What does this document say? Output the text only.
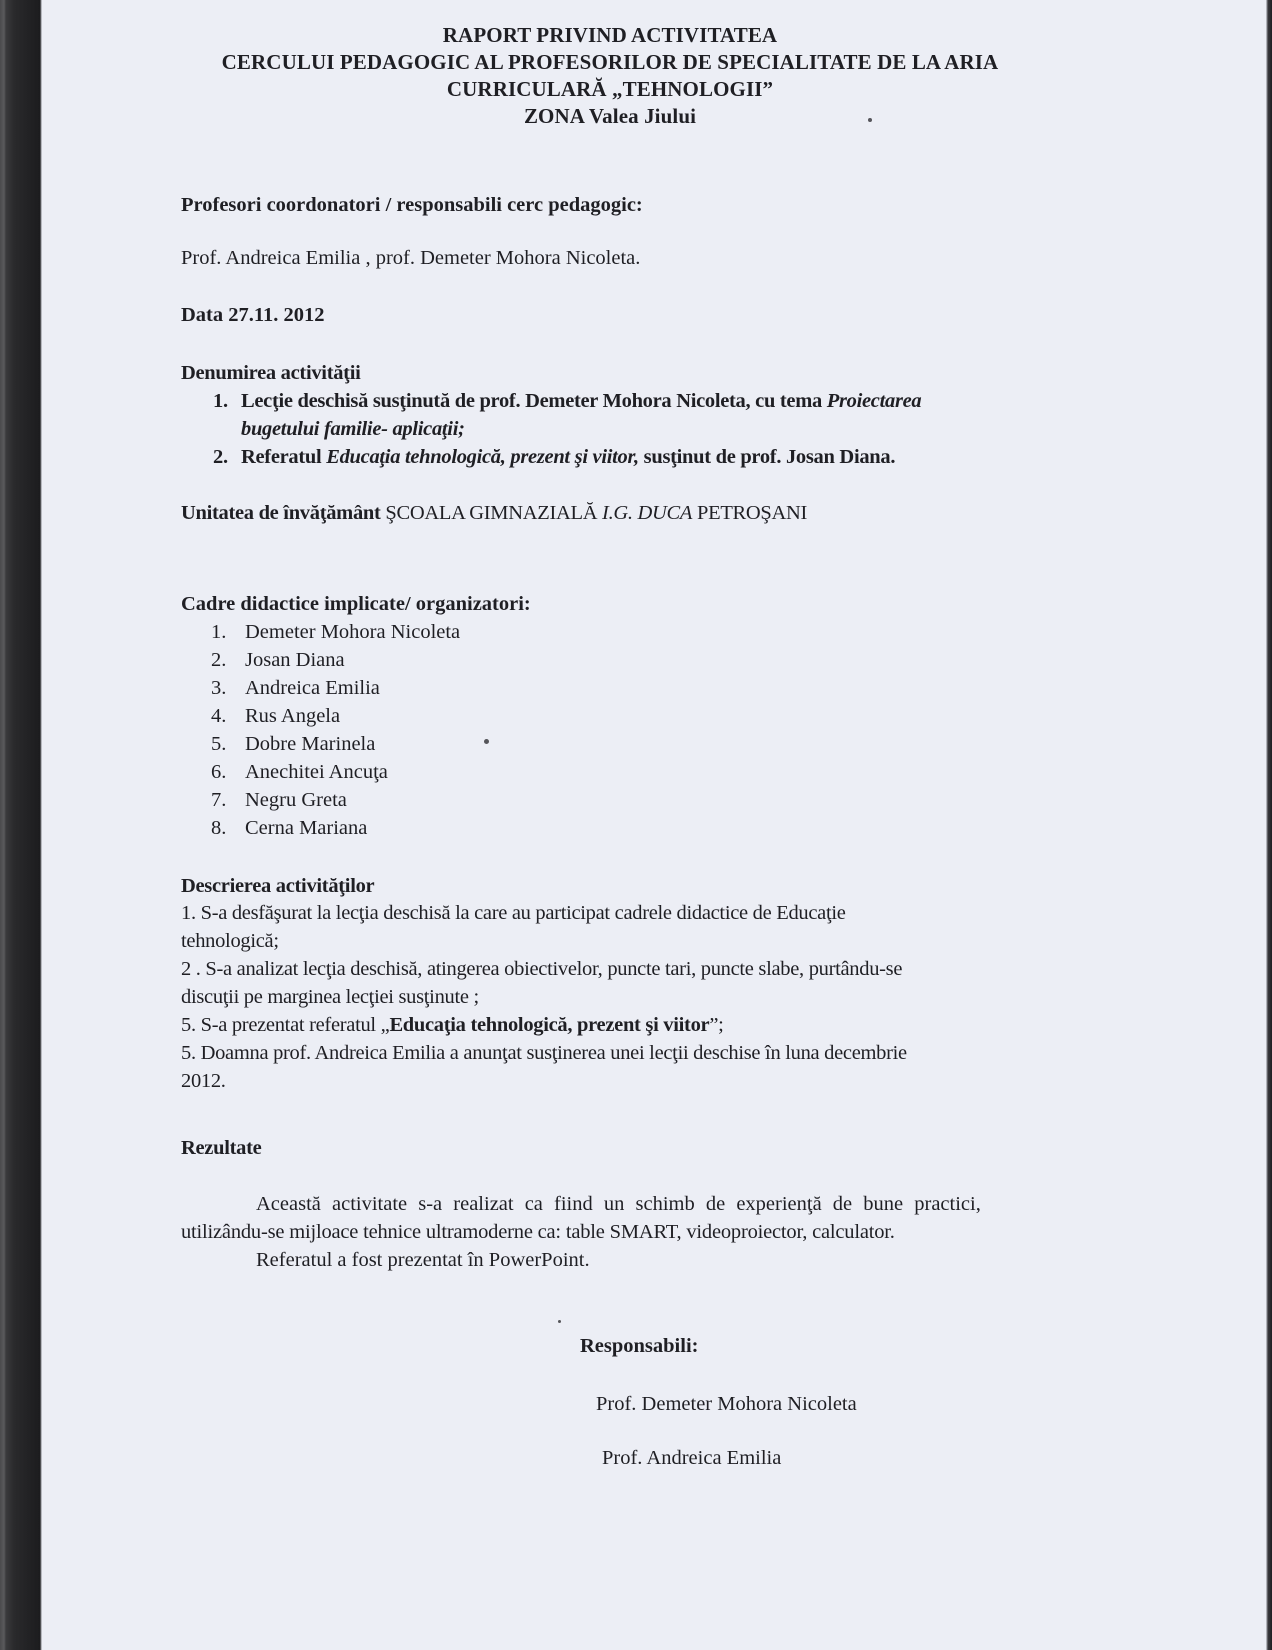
RAPORT PRIVIND ACTIVITATEA
CERCULUI PEDAGOGIC AL PROFESORILOR DE SPECIALITATE DE LA ARIA
CURRICULARĂ „TEHNOLOGII”
ZONA Valea Jiului
Profesori coordonatori / responsabili cerc pedagogic:
Prof. Andreica Emilia , prof. Demeter Mohora Nicoleta.
Data 27.11. 2012
Denumirea activităţii
1. Lecţie deschisă susţinută de prof. Demeter Mohora Nicoleta, cu tema Proiectarea
bugetului familie- aplicaţii;
2. Referatul Educaţia tehnologică, prezent şi viitor, susţinut de prof. Josan Diana.
Unitatea de învăţământ ŞCOALA GIMNAZIALĂ I.G. DUCA PETROŞANI
Cadre didactice implicate/ organizatori:
1. Demeter Mohora Nicoleta
2. Josan Diana
3. Andreica Emilia
4. Rus Angela
5. Dobre Marinela
6. Anechitei Ancuţa
7. Negru Greta
8. Cerna Mariana
Descrierea activităţilor
1. S-a desfăşurat la lecţia deschisă la care au participat cadrele didactice de Educaţie
tehnologică;
2 . S-a analizat lecţia deschisă, atingerea obiectivelor, puncte tari, puncte slabe, purtându-se
discuţii pe marginea lecţiei susţinute ;
5. S-a prezentat referatul „Educaţia tehnologică, prezent şi viitor”;
5. Doamna prof. Andreica Emilia a anunţat susţinerea unei lecţii deschise în luna decembrie
2012.
Rezultate
Această activitate s-a realizat ca fiind un schimb de experienţă de bune practici,
utilizându-se mijloace tehnice ultramoderne ca: table SMART, videoproiector, calculator.
Referatul a fost prezentat în PowerPoint.
Responsabili:
Prof. Demeter Mohora Nicoleta
Prof. Andreica Emilia
